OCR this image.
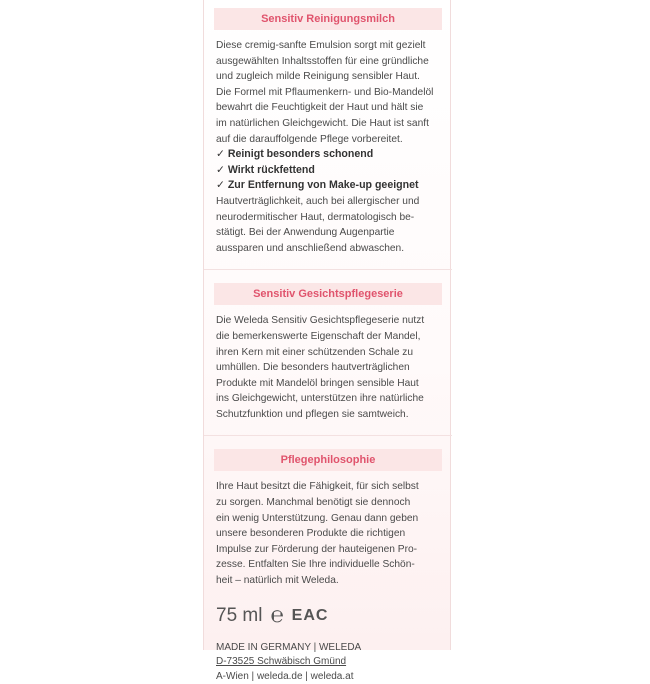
Sensitiv Reinigungsmilch
Diese cremig-sanfte Emulsion sorgt mit gezielt
ausgewählten Inhaltsstoffen für eine gründliche
und zugleich milde Reinigung sensibler Haut.
Die Formel mit Pflaumenkern- und Bio-Mandelöl
bewahrt die Feuchtigkeit der Haut und hält sie
im natürlichen Gleichgewicht. Die Haut ist sanft
auf die darauffolgende Pflege vorbereitet.
✓ Reinigt besonders schonend
✓ Wirkt rückfettend
✓ Zur Entfernung von Make-up geeignet
Hautverträglichkeit, auch bei allergischer und
neurodermitischer Haut, dermatologisch be-
stätigt. Bei der Anwendung Augenpartie
aussparen und anschließend abwaschen.
Sensitiv Gesichtspflegeserie
Die Weleda Sensitiv Gesichtspflegeserie nutzt
die bemerkenswerte Eigenschaft der Mandel,
ihren Kern mit einer schützenden Schale zu
umhüllen. Die besonders hautverträglichen
Produkte mit Mandelöl bringen sensible Haut
ins Gleichgewicht, unterstützen ihre natürliche
Schutzfunktion und pflegen sie samtweich.
Pflegephilosophie
Ihre Haut besitzt die Fähigkeit, für sich selbst
zu sorgen. Manchmal benötigt sie dennoch
ein wenig Unterstützung. Genau dann geben
unsere besonderen Produkte die richtigen
Impulse zur Förderung der hauteigenen Pro-
zesse. Entfalten Sie Ihre individuelle Schön-
heit – natürlich mit Weleda.
75 ml ℮ EAC
MADE IN GERMANY | WELEDA
D-73525 Schwäbisch Gmünd
A-Wien | weleda.de | weleda.at
